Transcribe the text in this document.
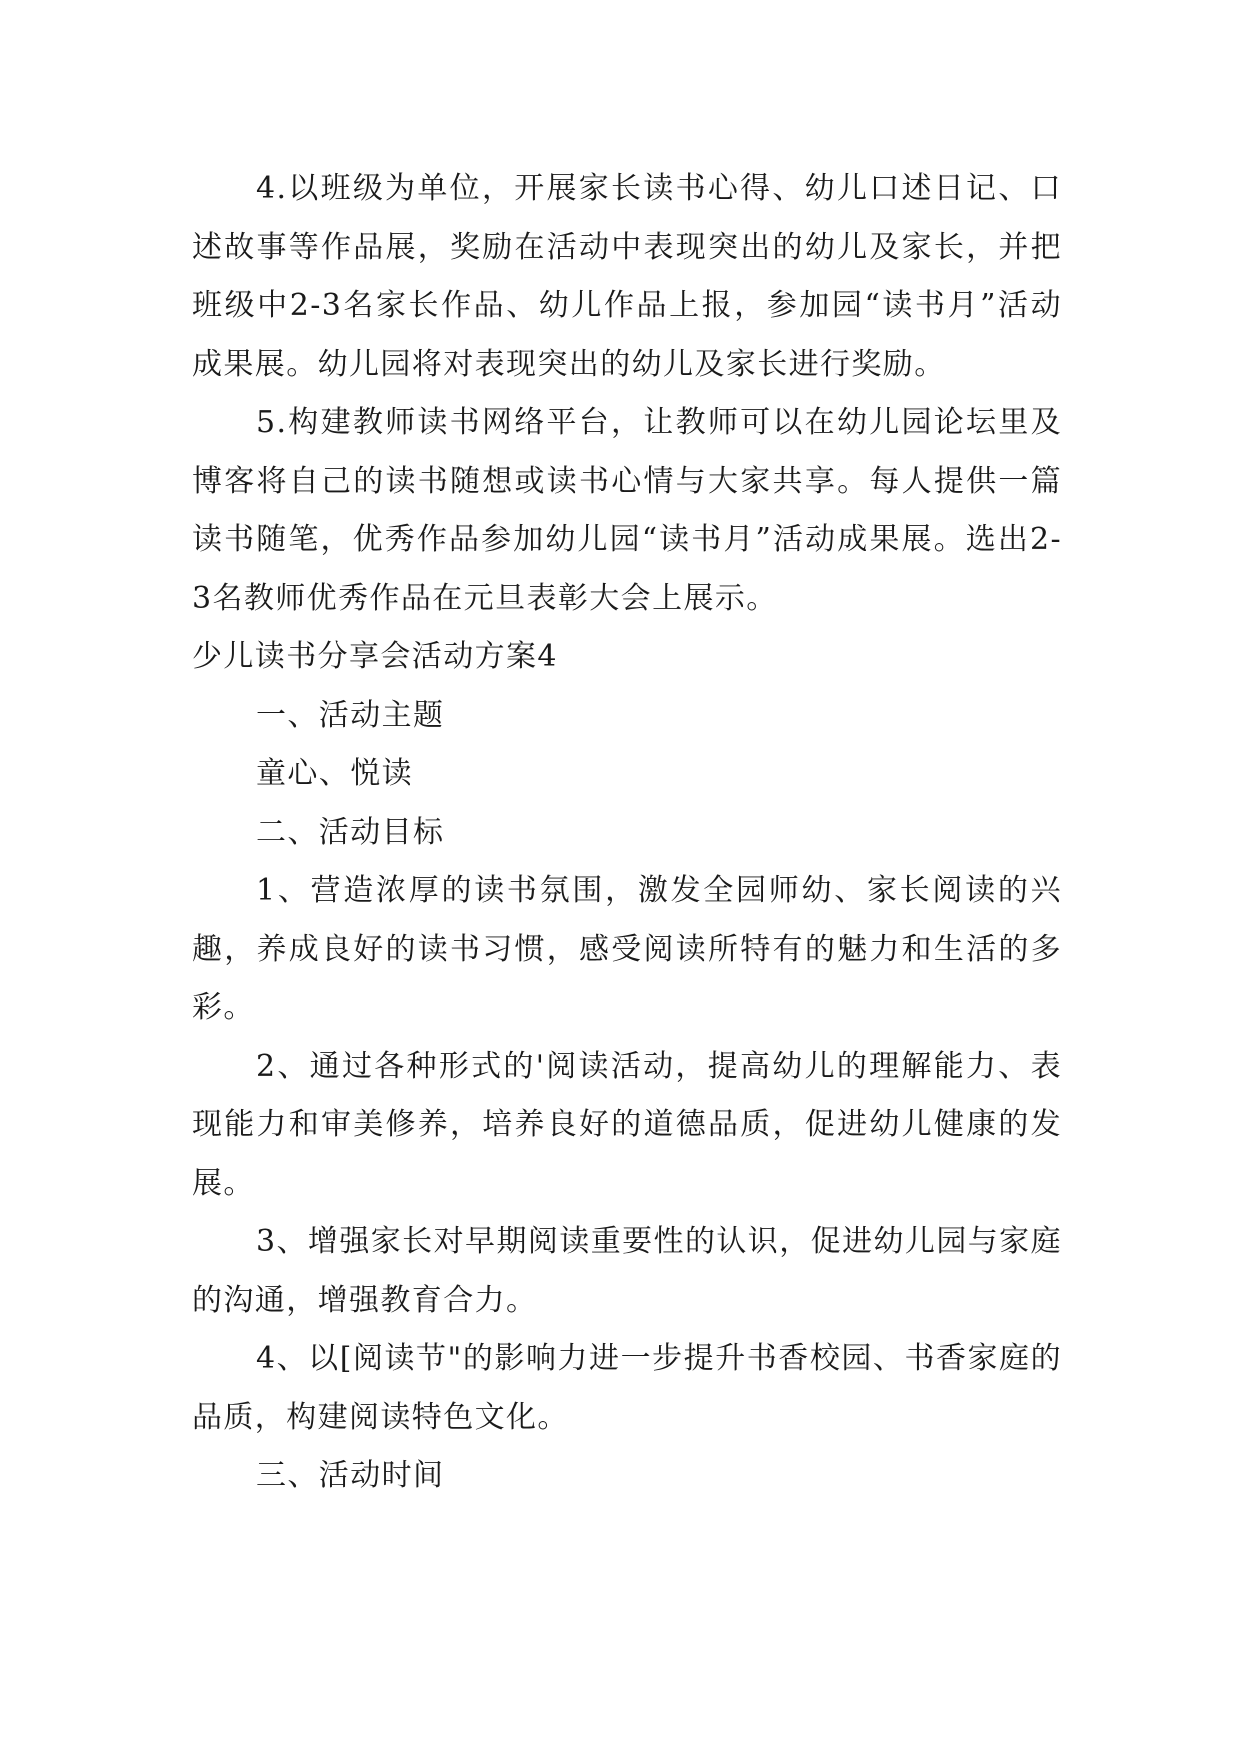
4.以班级为单位，开展家长读书心得、幼儿口述日记、口述故事等作品展，奖励在活动中表现突出的幼儿及家长，并把班级中2-3名家长作品、幼儿作品上报，参加园“读书月”活动成果展。幼儿园将对表现突出的幼儿及家长进行奖励。

5.构建教师读书网络平台，让教师可以在幼儿园论坛里及博客将自己的读书随想或读书心情与大家共享。每人提供一篇读书随笔，优秀作品参加幼儿园“读书月”活动成果展。选出2-3名教师优秀作品在元旦表彰大会上展示。

少儿读书分享会活动方案4

一、活动主题

童心、悦读

二、活动目标

1、营造浓厚的读书氛围，激发全园师幼、家长阅读的兴趣，养成良好的读书习惯，感受阅读所特有的魅力和生活的多彩。

2、通过各种形式的'阅读活动，提高幼儿的理解能力、表现能力和审美修养，培养良好的道德品质，促进幼儿健康的发展。

3、增强家长对早期阅读重要性的认识，促进幼儿园与家庭的沟通，增强教育合力。

4、以[阅读节"的影响力进一步提升书香校园、书香家庭的品质，构建阅读特色文化。

三、活动时间
